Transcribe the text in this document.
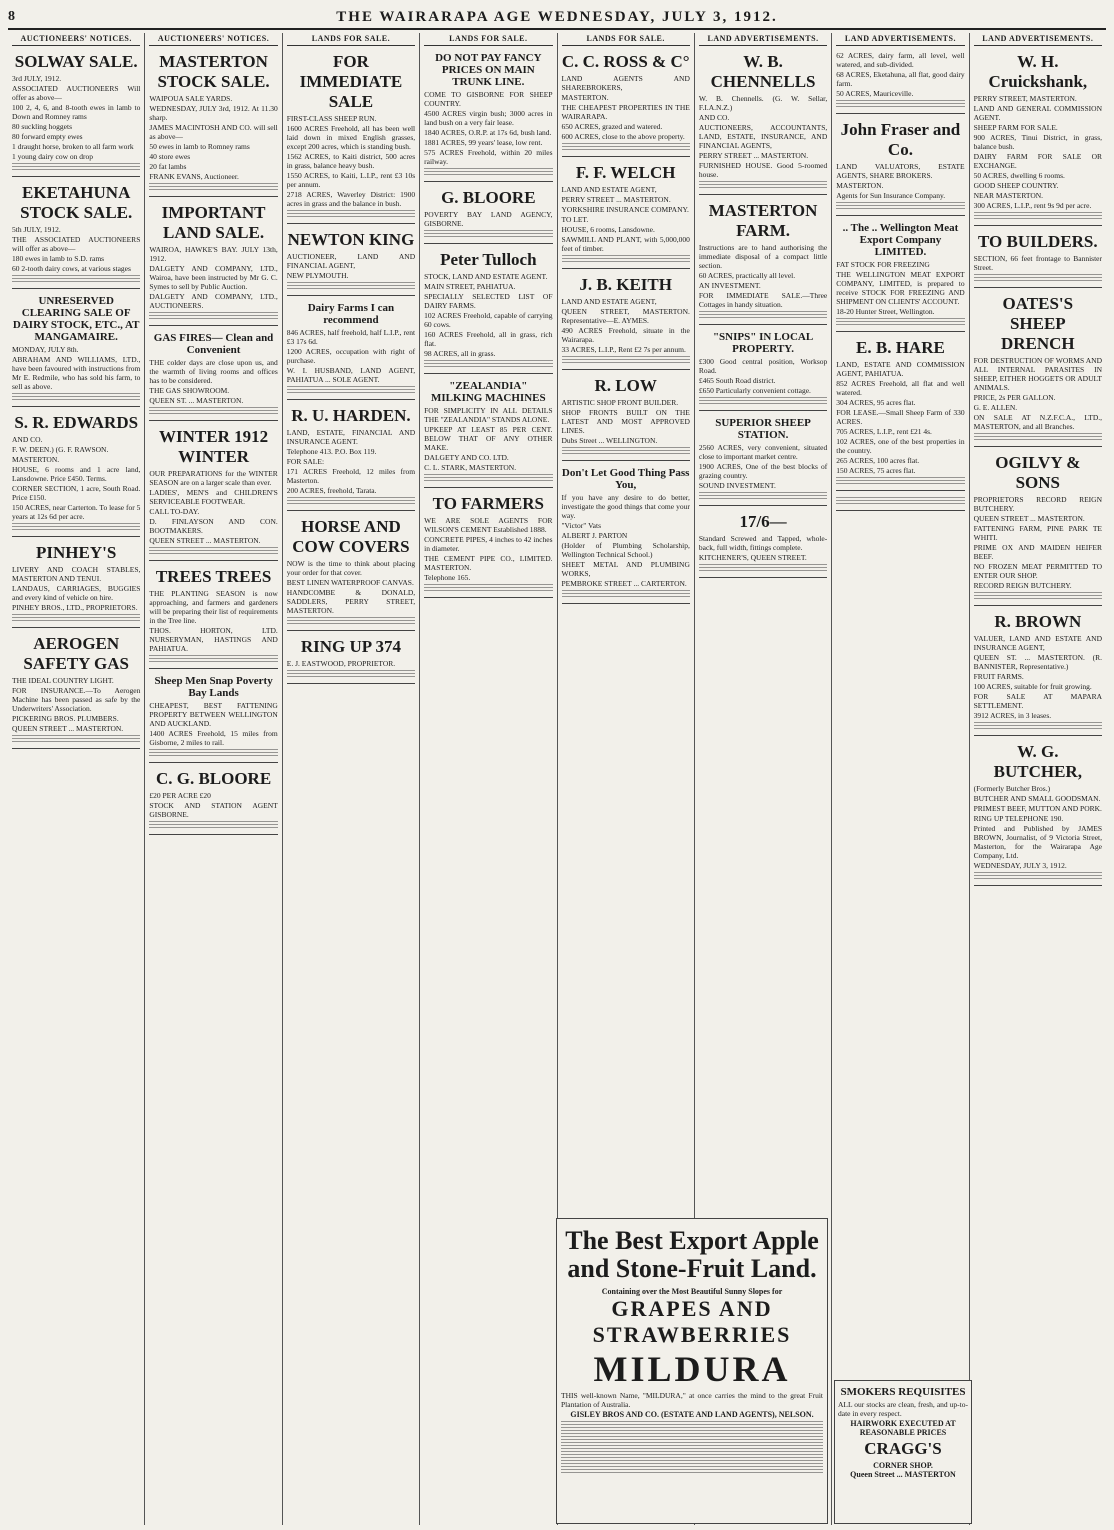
8	THE WAIRARAPA AGE WEDNESDAY, JULY 3, 1912.
AUCTIONEERS' NOTICES.
SOLWAY SALE.

3rd JULY, 1912.

ASSOCIATED AUCTIONEERS Will offer as above—

100 2, 4, 6, and 8-tooth ewes in lamb to Down and Romney rams

80 suckling hoggets

80 forward empty ewes

1 draught horse, broken to all farm work

1 young dairy cow on drop

EKETAHUNA STOCK SALE.

5th JULY, 1912.

THE ASSOCIATED AUCTIONEERS will offer as above—

180 ewes in lamb to S.D. rams

60 2-tooth dairy cows, at various stages

UNRESERVED CLEARING SALE OF DAIRY STOCK, ETC., AT MANGAMAIRE.

MONDAY, JULY 8th.

ABRAHAM AND WILLIAMS, LTD., have been favoured with instructions from Mr E. Redmile, who has sold his farm, to sell as above.

S. R. EDWARDS

AND CO.

F. W. DEEN.) (G. F. RAWSON.

MASTERTON.

HOUSE, 6 rooms and 1 acre land, Lansdowne. Price £450. Terms.

CORNER SECTION, 1 acre, South Road. Price £150.

150 ACRES, near Carterton. To lease for 5 years at 12s 6d per acre.

PINHEY'S

LIVERY AND COACH STABLES, MASTERTON AND TENUI.

LANDAUS, CARRIAGES, BUGGIES and every kind of vehicle on hire.

PINHEY BROS., LTD., PROPRIETORS.

AEROGEN SAFETY GAS

THE IDEAL COUNTRY LIGHT.

FOR INSURANCE.—To Aerogen Machine has been passed as safe by the Underwriters' Association.

PICKERING BROS. PLUMBERS.

QUEEN STREET ... MASTERTON.

AUCTIONEERS' NOTICES.
MASTERTON STOCK SALE.

WAIPOUA SALE YARDS.

WEDNESDAY, JULY 3rd, 1912. At 11.30 sharp.

JAMES MACINTOSH AND CO. will sell as above—

50 ewes in lamb to Romney rams

40 store ewes

20 fat lambs

FRANK EVANS, Auctioneer.

IMPORTANT LAND SALE.

WAIROA, HAWKE'S BAY. JULY 13th, 1912.

DALGETY AND COMPANY, LTD., Wairoa, have been instructed by Mr G. C. Symes to sell by Public Auction.

DALGETY AND COMPANY, LTD., AUCTIONEERS.

GAS FIRES— Clean and Convenient

THE colder days are close upon us, and the warmth of living rooms and offices has to be considered.

THE GAS SHOWROOM.

QUEEN ST. ... MASTERTON.

WINTER 1912 WINTER

OUR PREPARATIONS for the WINTER SEASON are on a larger scale than ever.

LADIES', MEN'S and CHILDREN'S SERVICEABLE FOOTWEAR.

CALL TO-DAY.

D. FINLAYSON AND CON. BOOTMAKERS.

QUEEN STREET ... MASTERTON.

TREES TREES

THE PLANTING SEASON is now approaching, and farmers and gardeners will be preparing their list of requirements in the Tree line.

THOS. HORTON, LTD. NURSERYMAN, HASTINGS AND PAHIATUA.

Sheep Men Snap Poverty Bay Lands

CHEAPEST, BEST FATTENING PROPERTY BETWEEN WELLINGTON AND AUCKLAND.

1400 ACRES Freehold, 15 miles from Gisborne, 2 miles to rail.

C. G. BLOORE

£20 PER ACRE £20

STOCK AND STATION AGENT GISBORNE.

LANDS FOR SALE.
FOR IMMEDIATE SALE

FIRST-CLASS SHEEP RUN.

1600 ACRES Freehold, all has been well laid down in mixed English grasses, except 200 acres, which is standing bush.

1562 ACRES, to Kaiti district, 500 acres in grass, balance heavy bush.

1550 ACRES, to Kaiti, L.I.P., rent £3 10s per annum.

2718 ACRES, Waverley District: 1900 acres in grass and the balance in bush.

NEWTON KING

AUCTIONEER, LAND AND FINANCIAL AGENT,

NEW PLYMOUTH.

Dairy Farms I can recommend

846 ACRES, half freehold, half L.I.P., rent £3 17s 6d.

1200 ACRES, occupation with right of purchase.

W. I. HUSBAND, LAND AGENT, PAHIATUA ... SOLE AGENT.

R. U. HARDEN.

LAND, ESTATE, FINANCIAL AND INSURANCE AGENT.

Telephone 413. P.O. Box 119.

FOR SALE:

171 ACRES Freehold, 12 miles from Masterton.

200 ACRES, freehold, Tarata.

HORSE AND COW COVERS

NOW is the time to think about placing your order for that cover.

BEST LINEN WATERPROOF CANVAS.

HANDCOMBE & DONALD, SADDLERS, PERRY STREET, MASTERTON.

RING UP 374

E. J. EASTWOOD, PROPRIETOR.

LANDS FOR SALE.
DO NOT PAY FANCY PRICES ON MAIN TRUNK LINE.

COME TO GISBORNE FOR SHEEP COUNTRY.

4500 ACRES virgin bush; 3000 acres in land bush on a very fair lease.

1840 ACRES, O.R.P. at 17s 6d, bush land.

1881 ACRES, 99 years' lease, low rent.

575 ACRES Freehold, within 20 miles railway.

G. BLOORE

POVERTY BAY LAND AGENCY, GISBORNE.

Peter Tulloch

STOCK, LAND AND ESTATE AGENT.

MAIN STREET, PAHIATUA.

SPECIALLY SELECTED LIST OF DAIRY FARMS.

102 ACRES Freehold, capable of carrying 60 cows.

160 ACRES Freehold, all in grass, rich flat.

98 ACRES, all in grass.

"ZEALANDIA" MILKING MACHINES

FOR SIMPLICITY IN ALL DETAILS THE "ZEALANDIA" STANDS ALONE.

UPKEEP AT LEAST 85 PER CENT. BELOW THAT OF ANY OTHER MAKE.

DALGETY AND CO. LTD.

C. L. STARK, MASTERTON.

TO FARMERS

WE ARE SOLE AGENTS FOR WILSON'S CEMENT Established 1888.

CONCRETE PIPES, 4 inches to 42 inches in diameter.

THE CEMENT PIPE CO., LIMITED. MASTERTON.

Telephone 165.

LANDS FOR SALE.
C. C. ROSS & C°

LAND AGENTS AND SHAREBROKERS,

MASTERTON.

THE CHEAPEST PROPERTIES IN THE WAIRARAPA.

650 ACRES, grazed and watered.

600 ACRES, close to the above property.

F. F. WELCH

LAND AND ESTATE AGENT,

PERRY STREET ... MASTERTON.

YORKSHIRE INSURANCE COMPANY.

TO LET.

HOUSE, 6 rooms, Lansdowne.

SAWMILL AND PLANT, with 5,000,000 feet of timber.

J. B. KEITH

LAND AND ESTATE AGENT,

QUEEN STREET, MASTERTON. Representative—E. AYMES.

490 ACRES Freehold, situate in the Wairarapa.

33 ACRES, L.I.P., Rent £2 7s per annum.

R. LOW

ARTISTIC SHOP FRONT BUILDER.

SHOP FRONTS BUILT ON THE LATEST AND MOST APPROVED LINES.

Dubs Street ... WELLINGTON.

Don't Let Good Thing Pass You,

If you have any desire to do better, investigate the good things that come your way.

"Victor" Vats

ALBERT J. PARTON

(Holder of Plumbing Scholarship, Wellington Technical School.)

SHEET METAL AND PLUMBING WORKS,

PEMBROKE STREET ... CARTERTON.

LAND ADVERTISEMENTS.
W. B. CHENNELLS

W. B. Chennells. (G. W. Sellar, F.I.A.N.Z.)

AND CO.

AUCTIONEERS, ACCOUNTANTS, LAND, ESTATE, INSURANCE, AND FINANCIAL AGENTS,

PERRY STREET ... MASTERTON.

FURNISHED HOUSE. Good 5-roomed house.

MASTERTON FARM.

Instructions are to hand authorising the immediate disposal of a compact little section.

60 ACRES, practically all level.

AN INVESTMENT.

FOR IMMEDIATE SALE.—Three Cottages in handy situation.

"SNIPS" IN LOCAL PROPERTY.

£300 Good central position, Worksop Road.

£465 South Road district.

£650 Particularly convenient cottage.

SUPERIOR SHEEP STATION.

2560 ACRES, very convenient, situated close to important market centre.

1900 ACRES, One of the best blocks of grazing country.

SOUND INVESTMENT.

17/6—

Standard Screwed and Tapped, whole-back, full width, fittings complete.

KITCHENER'S, QUEEN STREET.

LAND ADVERTISEMENTS.

62 ACRES, dairy farm, all level, well watered, and sub-divided.

68 ACRES, Eketahuna, all flat, good dairy farm.

50 ACRES, Mauriceville.

John Fraser and Co.

LAND VALUATORS, ESTATE AGENTS, SHARE BROKERS.

MASTERTON.

Agents for Sun Insurance Company.

.. The .. Wellington Meat Export Company LIMITED.

FAT STOCK FOR FREEZING

THE WELLINGTON MEAT EXPORT COMPANY, LIMITED, is prepared to receive STOCK FOR FREEZING AND SHIPMENT ON CLIENTS' ACCOUNT.

18-20 Hunter Street, Wellington.

E. B. HARE

LAND, ESTATE AND COMMISSION AGENT, PAHIATUA.

852 ACRES Freehold, all flat and well watered.

304 ACRES, 95 acres flat.

FOR LEASE.—Small Sheep Farm of 330 ACRES.

705 ACRES, L.I.P., rent £21 4s.

102 ACRES, one of the best properties in the country.

265 ACRES, 100 acres flat.

150 ACRES, 75 acres flat.

LAND ADVERTISEMENTS.
W. H. Cruickshank,

PERRY STREET, MASTERTON.

LAND AND GENERAL COMMISSION AGENT.

SHEEP FARM FOR SALE.

900 ACRES, Tinui District, in grass, balance bush.

DAIRY FARM FOR SALE OR EXCHANGE.

50 ACRES, dwelling 6 rooms.

GOOD SHEEP COUNTRY.

NEAR MASTERTON.

300 ACRES, L.I.P., rent 9s 9d per acre.

TO BUILDERS.

SECTION, 66 feet frontage to Bannister Street.

OATES'S SHEEP DRENCH

FOR DESTRUCTION OF WORMS AND ALL INTERNAL PARASITES IN SHEEP, EITHER HOGGETS OR ADULT ANIMALS.

PRICE, 2s PER GALLON.

G. E. ALLEN.

ON SALE AT N.Z.F.C.A., LTD., MASTERTON, and all Branches.

OGILVY & SONS

PROPRIETORS RECORD REIGN BUTCHERY.

QUEEN STREET ... MASTERTON.

FATTENING FARM, PINE PARK TE WHITI.

PRIME OX AND MAIDEN HEIFER BEEF.

NO FROZEN MEAT PERMITTED TO ENTER OUR SHOP.

RECORD REIGN BUTCHERY.

R. BROWN

VALUER, LAND AND ESTATE AND INSURANCE AGENT,

QUEEN ST. ... MASTERTON. (R. BANNISTER, Representative.)

FRUIT FARMS.

100 ACRES, suitable for fruit growing.

FOR SALE AT MAPARA SETTLEMENT.

3912 ACRES, in 3 leases.

W. G. BUTCHER,

(Formerly Butcher Bros.)

BUTCHER AND SMALL GOODSMAN.

PRIMEST BEEF, MUTTON AND PORK.

RING UP TELEPHONE 190.

Printed and Published by JAMES BROWN, Journalist, of 9 Victoria Street, Masterton, for the Wairarapa Age Company, Ltd.

WEDNESDAY, JULY 3, 1912.

The Best Export Apple and Stone-Fruit Land.
Containing over the Most Beautiful Sunny Slopes for
GRAPES AND STRAWBERRIES
MILDURA

THIS well-known Name, "MILDURA," at once carries the mind to the great Fruit Plantation of Australia.

GISLEY BROS AND CO. (ESTATE AND LAND AGENTS), NELSON.
SMOKERS REQUISITES

ALL our stocks are clean, fresh, and up-to-date in every respect.

HAIRWORK EXECUTED AT REASONABLE PRICES
CRAGG'S
CORNER SHOP.
Queen Street ... MASTERTON
